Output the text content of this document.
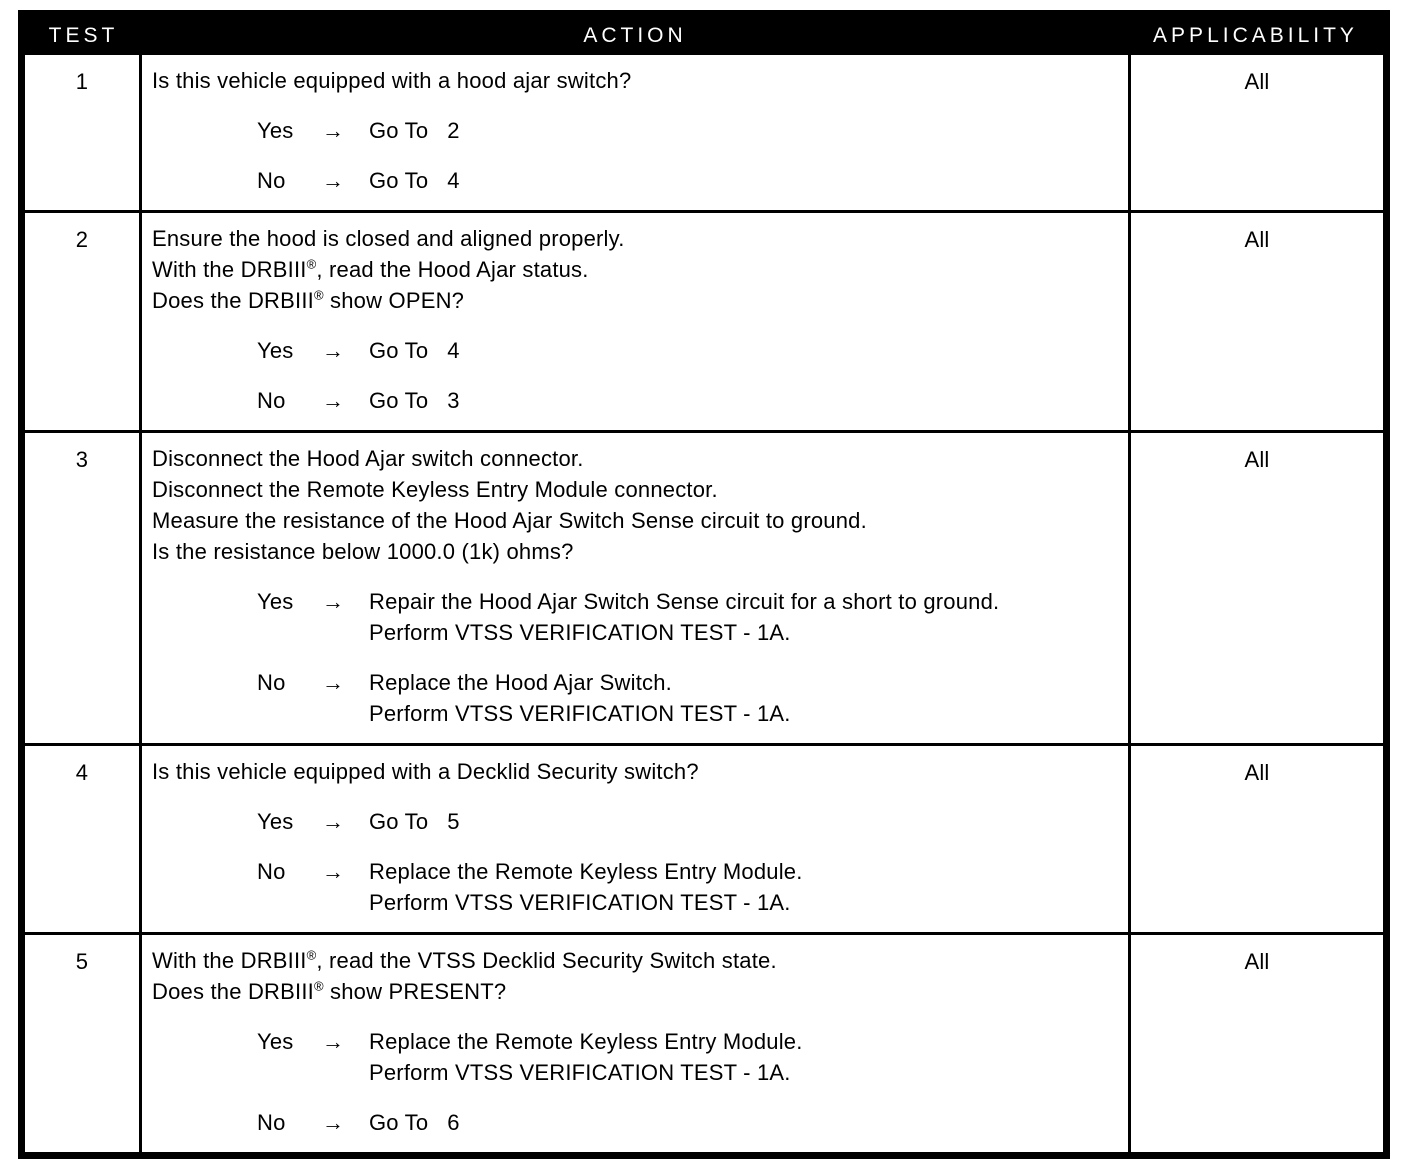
TEST	ACTION	APPLICABILITY
1	Is this vehicle equipped with a hood ajar switch?
Yes	→	Go To   2
No	→	Go To   4
All
2	Ensure the hood is closed and aligned properly.
With the DRBIII®, read the Hood Ajar status.
Does the DRBIII® show OPEN?
Yes	→	Go To   4
No	→	Go To   3
All
3	Disconnect the Hood Ajar switch connector.
Disconnect the Remote Keyless Entry Module connector.
Measure the resistance of the Hood Ajar Switch Sense circuit to ground.
Is the resistance below 1000.0 (1k) ohms?
Yes	→	Repair the Hood Ajar Switch Sense circuit for a short to ground.
Perform VTSS VERIFICATION TEST - 1A.
No	→	Replace the Hood Ajar Switch.
Perform VTSS VERIFICATION TEST - 1A.
All
4	Is this vehicle equipped with a Decklid Security switch?
Yes	→	Go To   5
No	→	Replace the Remote Keyless Entry Module.
Perform VTSS VERIFICATION TEST - 1A.
All
5	With the DRBIII®, read the VTSS Decklid Security Switch state.
Does the DRBIII® show PRESENT?
Yes	→	Replace the Remote Keyless Entry Module.
Perform VTSS VERIFICATION TEST - 1A.
No	→	Go To   6
All
